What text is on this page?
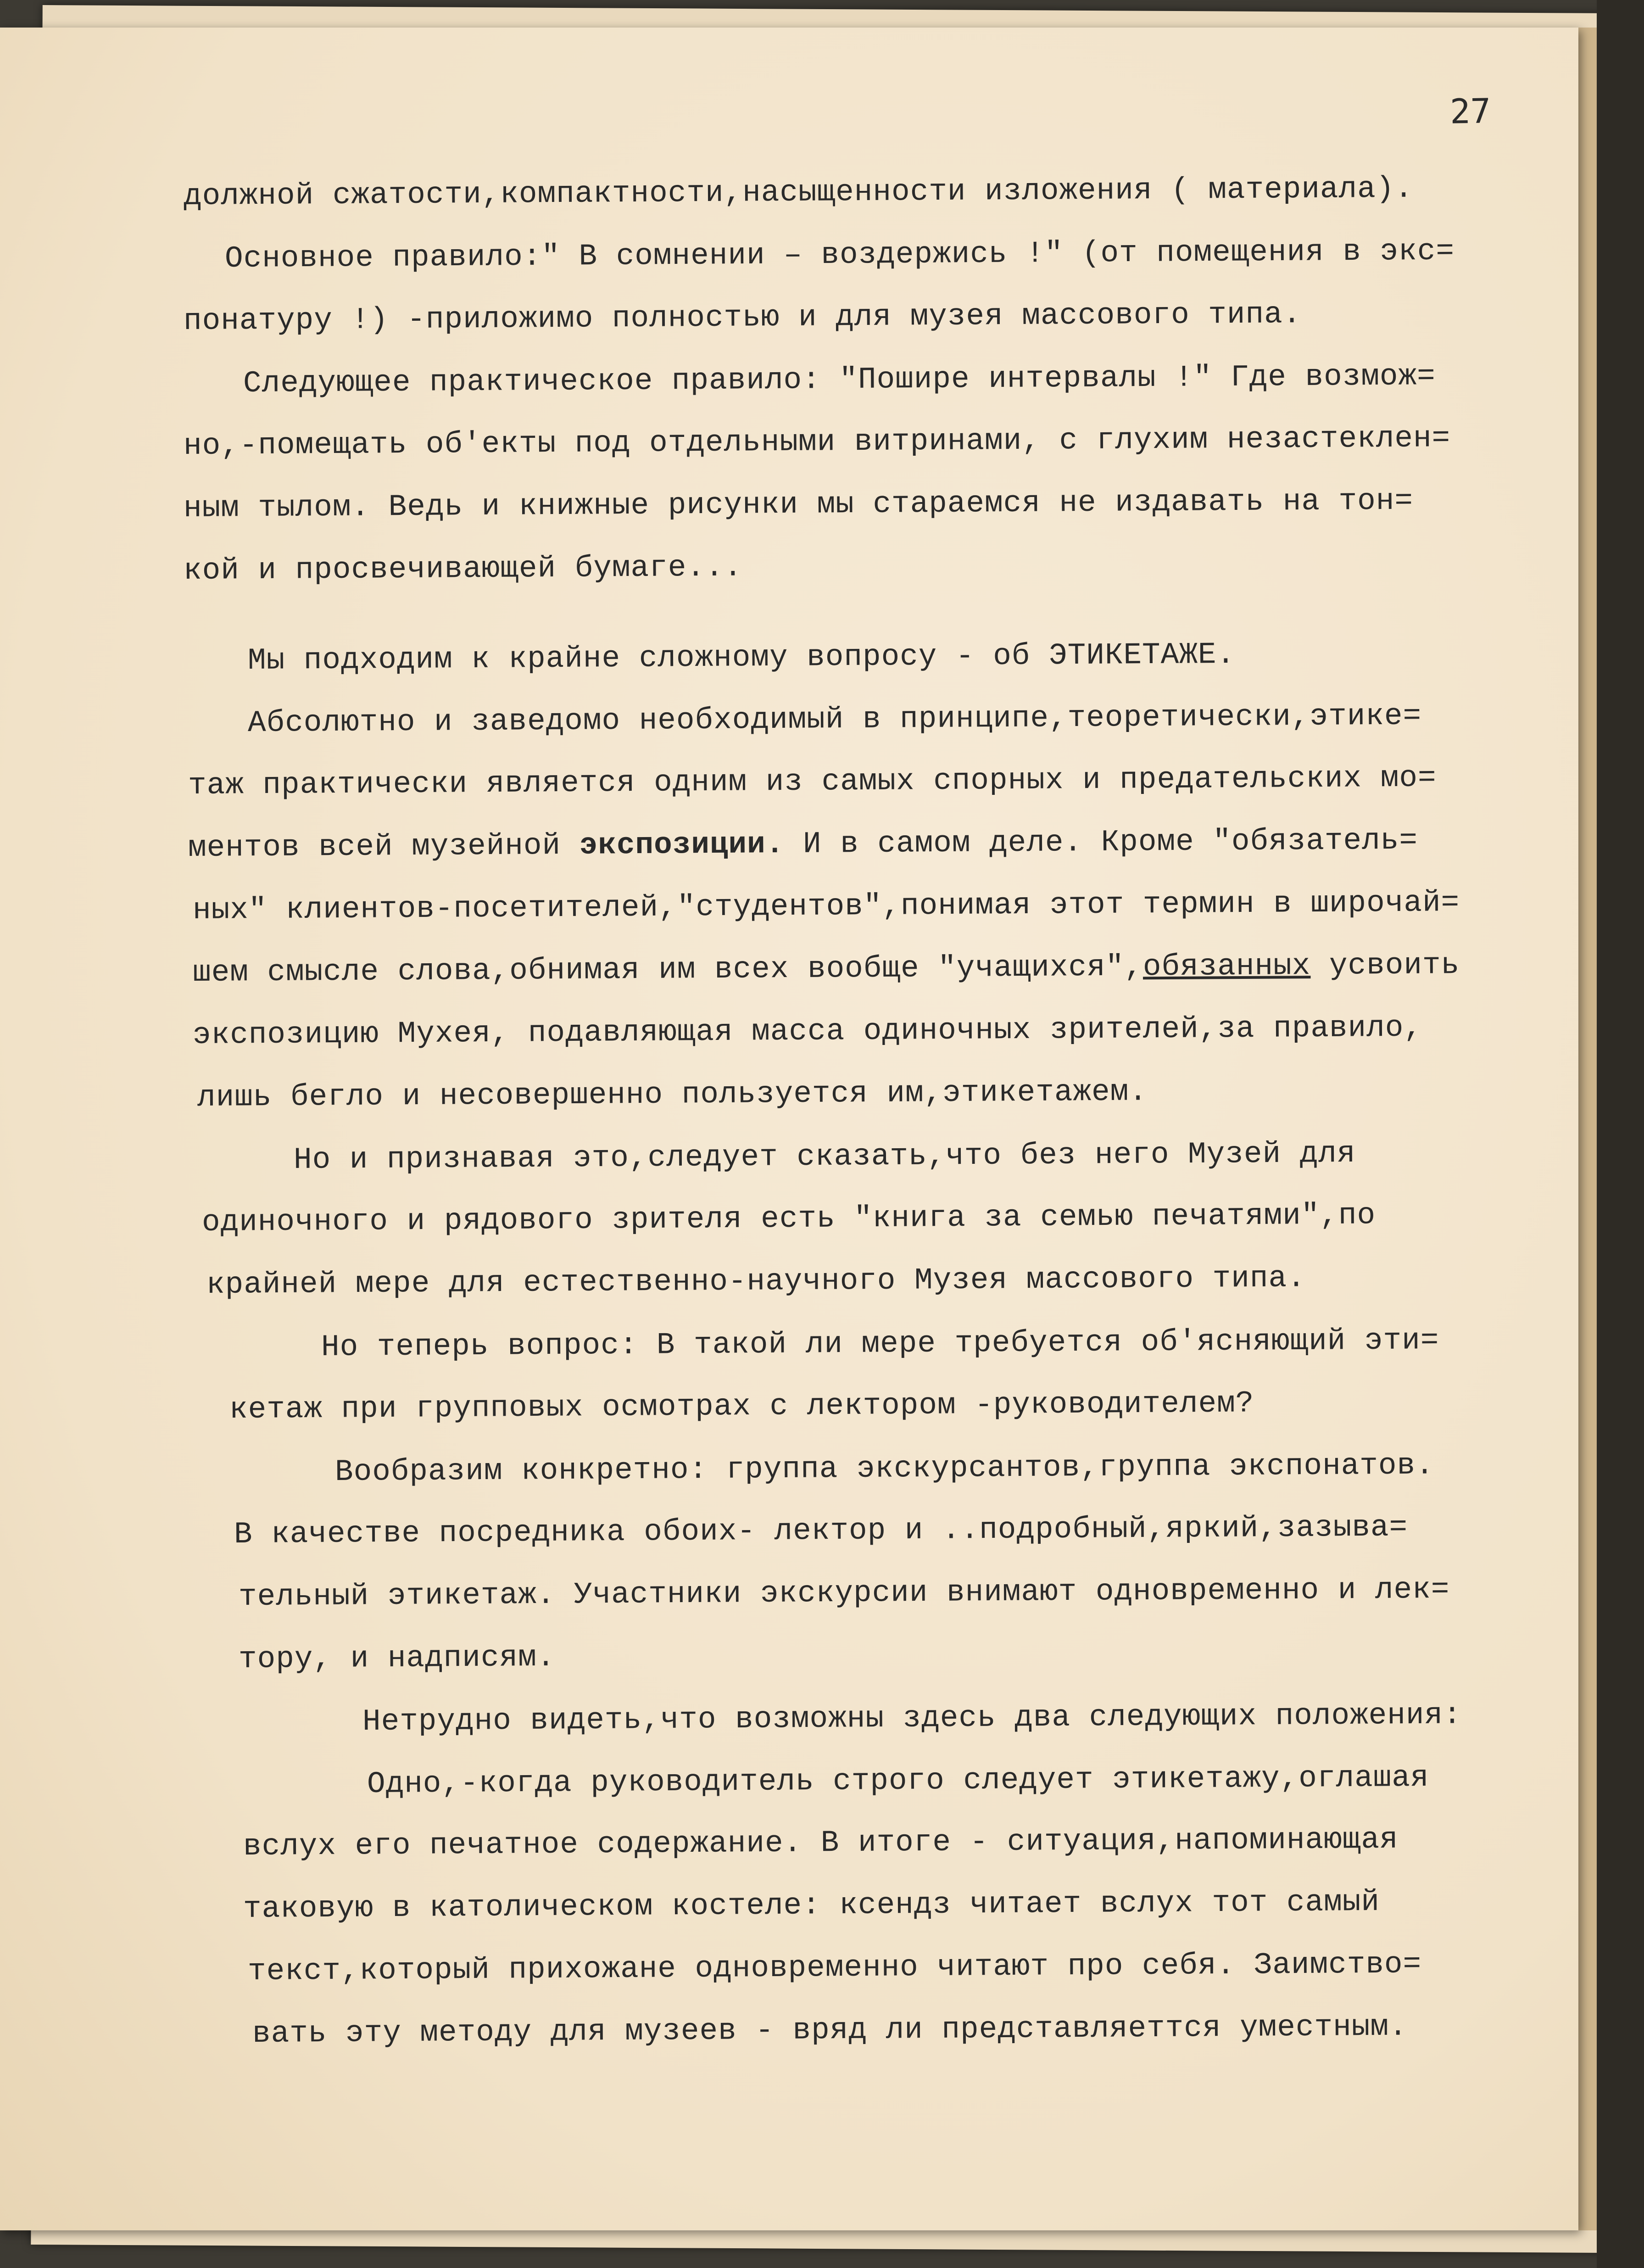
27
должной сжатости,компактности,насыщенности изложения ( материала).
Основное правило:" В сомнении ‒ воздержись !" (от помещения в экс=
понатуру !) -приложимо полностью и для музея массового типа.
Следующее практическое правило: "Пошире интервалы !" Где возмож=
но,-помещать об'екты под отдельными витринами, с глухим незастеклен=
ным тылом. Ведь и книжные рисунки мы стараемся не издавать на тон=
кой и просвечивающей бумаге...
Мы подходим к крайне сложному вопросу - об ЭТИКЕТАЖЕ.
Абсолютно и заведомо необходимый в принципе,теоретически,этике=
таж практически является одним из самых спорных и предательских мо=
ментов всей музейной экспозиции. И в самом деле. Кроме "обязатель=
ных" клиентов-посетителей,"студентов",понимая этот термин в широчай=
шем смысле слова,обнимая им всех вообще "учащихся",обязанных усвоить
экспозицию Мухея, подавляющая масса одиночных зрителей,за правило,
лишь бегло и несовершенно пользуется им,этикетажем.
Но и признавая это,следует сказать,что без него Музей для
одиночного и рядового зрителя есть "книга за семью печатями",по
крайней мере для естественно-научного Музея массового типа.
Но теперь вопрос: В такой ли мере требуется об'ясняющий эти=
кетаж при групповых осмотрах с лектором -руководителем?
Вообразим конкретно: группа экскурсантов,группа экспонатов.
В качестве посредника обоих- лектор и ..подробный,яркий,зазыва=
тельный этикетаж. Участники экскурсии внимают одновременно и лек=
тору, и надписям.
Нетрудно видеть,что возможны здесь два следующих положения:
Одно,-когда руководитель строго следует этикетажу,оглашая
вслух его печатное содержание. В итоге - ситуация,напоминающая
таковую в католическом костеле: ксендз читает вслух тот самый
текст,который прихожане одновременно читают про себя. Заимство=
вать эту методу для музеев - вряд ли представляеттся уместным.
